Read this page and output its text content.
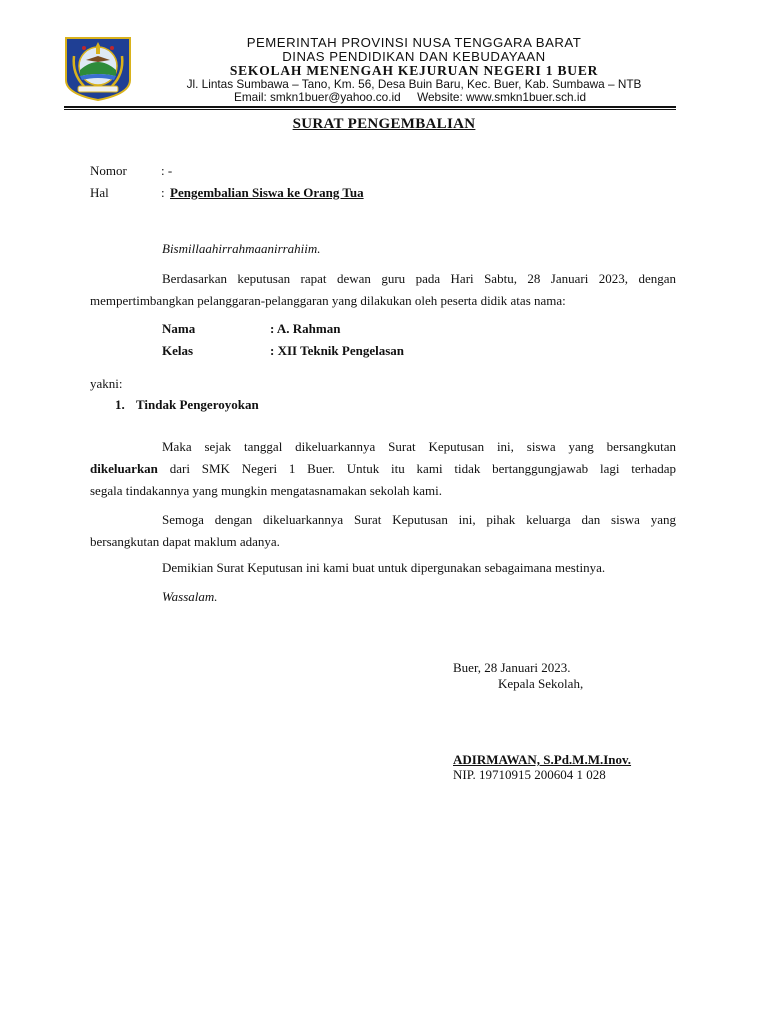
PEMERINTAH PROVINSI NUSA TENGGARA BARAT
DINAS PENDIDIKAN DAN KEBUDAYAAN
SEKOLAH MENENGAH KEJURUAN NEGERI 1 BUER
Jl. Lintas Sumbawa – Tano, Km. 56, Desa Buin Baru, Kec. Buer, Kab. Sumbawa – NTB
Email: smkn1buer@yahoo.co.id     Website: www.smkn1buer.sch.id
SURAT PENGEMBALIAN
Nomor	: -
Hal	: Pengembalian Siswa ke Orang Tua
Bismillaahirrahmaanirrahiim.
Berdasarkan keputusan rapat dewan guru pada Hari Sabtu, 28 Januari 2023, dengan
mempertimbangkan pelanggaran-pelanggaran yang dilakukan oleh peserta didik atas nama:
Nama	: A. Rahman
Kelas	: XII Teknik Pengelasan
yakni:
1. Tindak Pengeroyokan
Maka sejak tanggal dikeluarkannya Surat Keputusan ini, siswa yang bersangkutan
dikeluarkan dari SMK Negeri 1 Buer. Untuk itu kami tidak bertanggungjawab lagi terhadap
segala tindakannya yang mungkin mengatasnamakan sekolah kami.
Semoga dengan dikeluarkannya Surat Keputusan ini, pihak keluarga dan siswa yang
bersangkutan dapat maklum adanya.
Demikian Surat Keputusan ini kami buat untuk dipergunakan sebagaimana mestinya.
Wassalam.
Buer, 28 Januari 2023.
Kepala Sekolah,
ADIRMAWAN, S.Pd.M.M.Inov.
NIP. 19710915 200604 1 028
